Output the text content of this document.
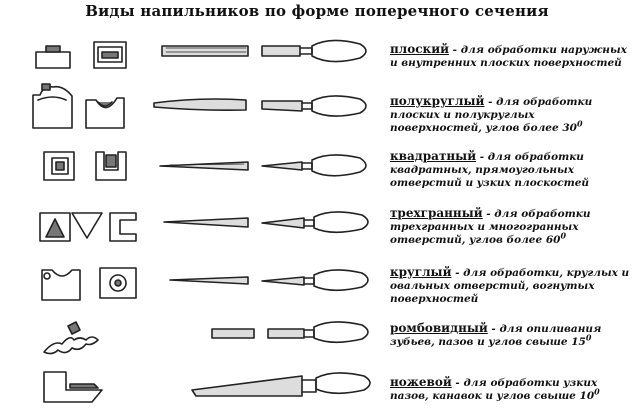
Виды напильников по форме поперечного сечения
плоский - для обработки наружных и внутренних плоских поверхностей
полукруглый - для обработки плоских и полукруглых поверхностей, углов более $30^0$
квадратный - для обработки квадратных, прямоугольных отверстий и узких плоскостей
трехгранный - для обработки трехгранных и многогранных отверстий, углов более $60^0$
круглый - для обработки, круглых и овальных отверстий, вогнутых поверхностей
ромбовидный - для опиливания зубьев, пазов и углов свыше $15^0$
ножевой - для обработки узких пазов, канавок и углов свыше $10^0$
